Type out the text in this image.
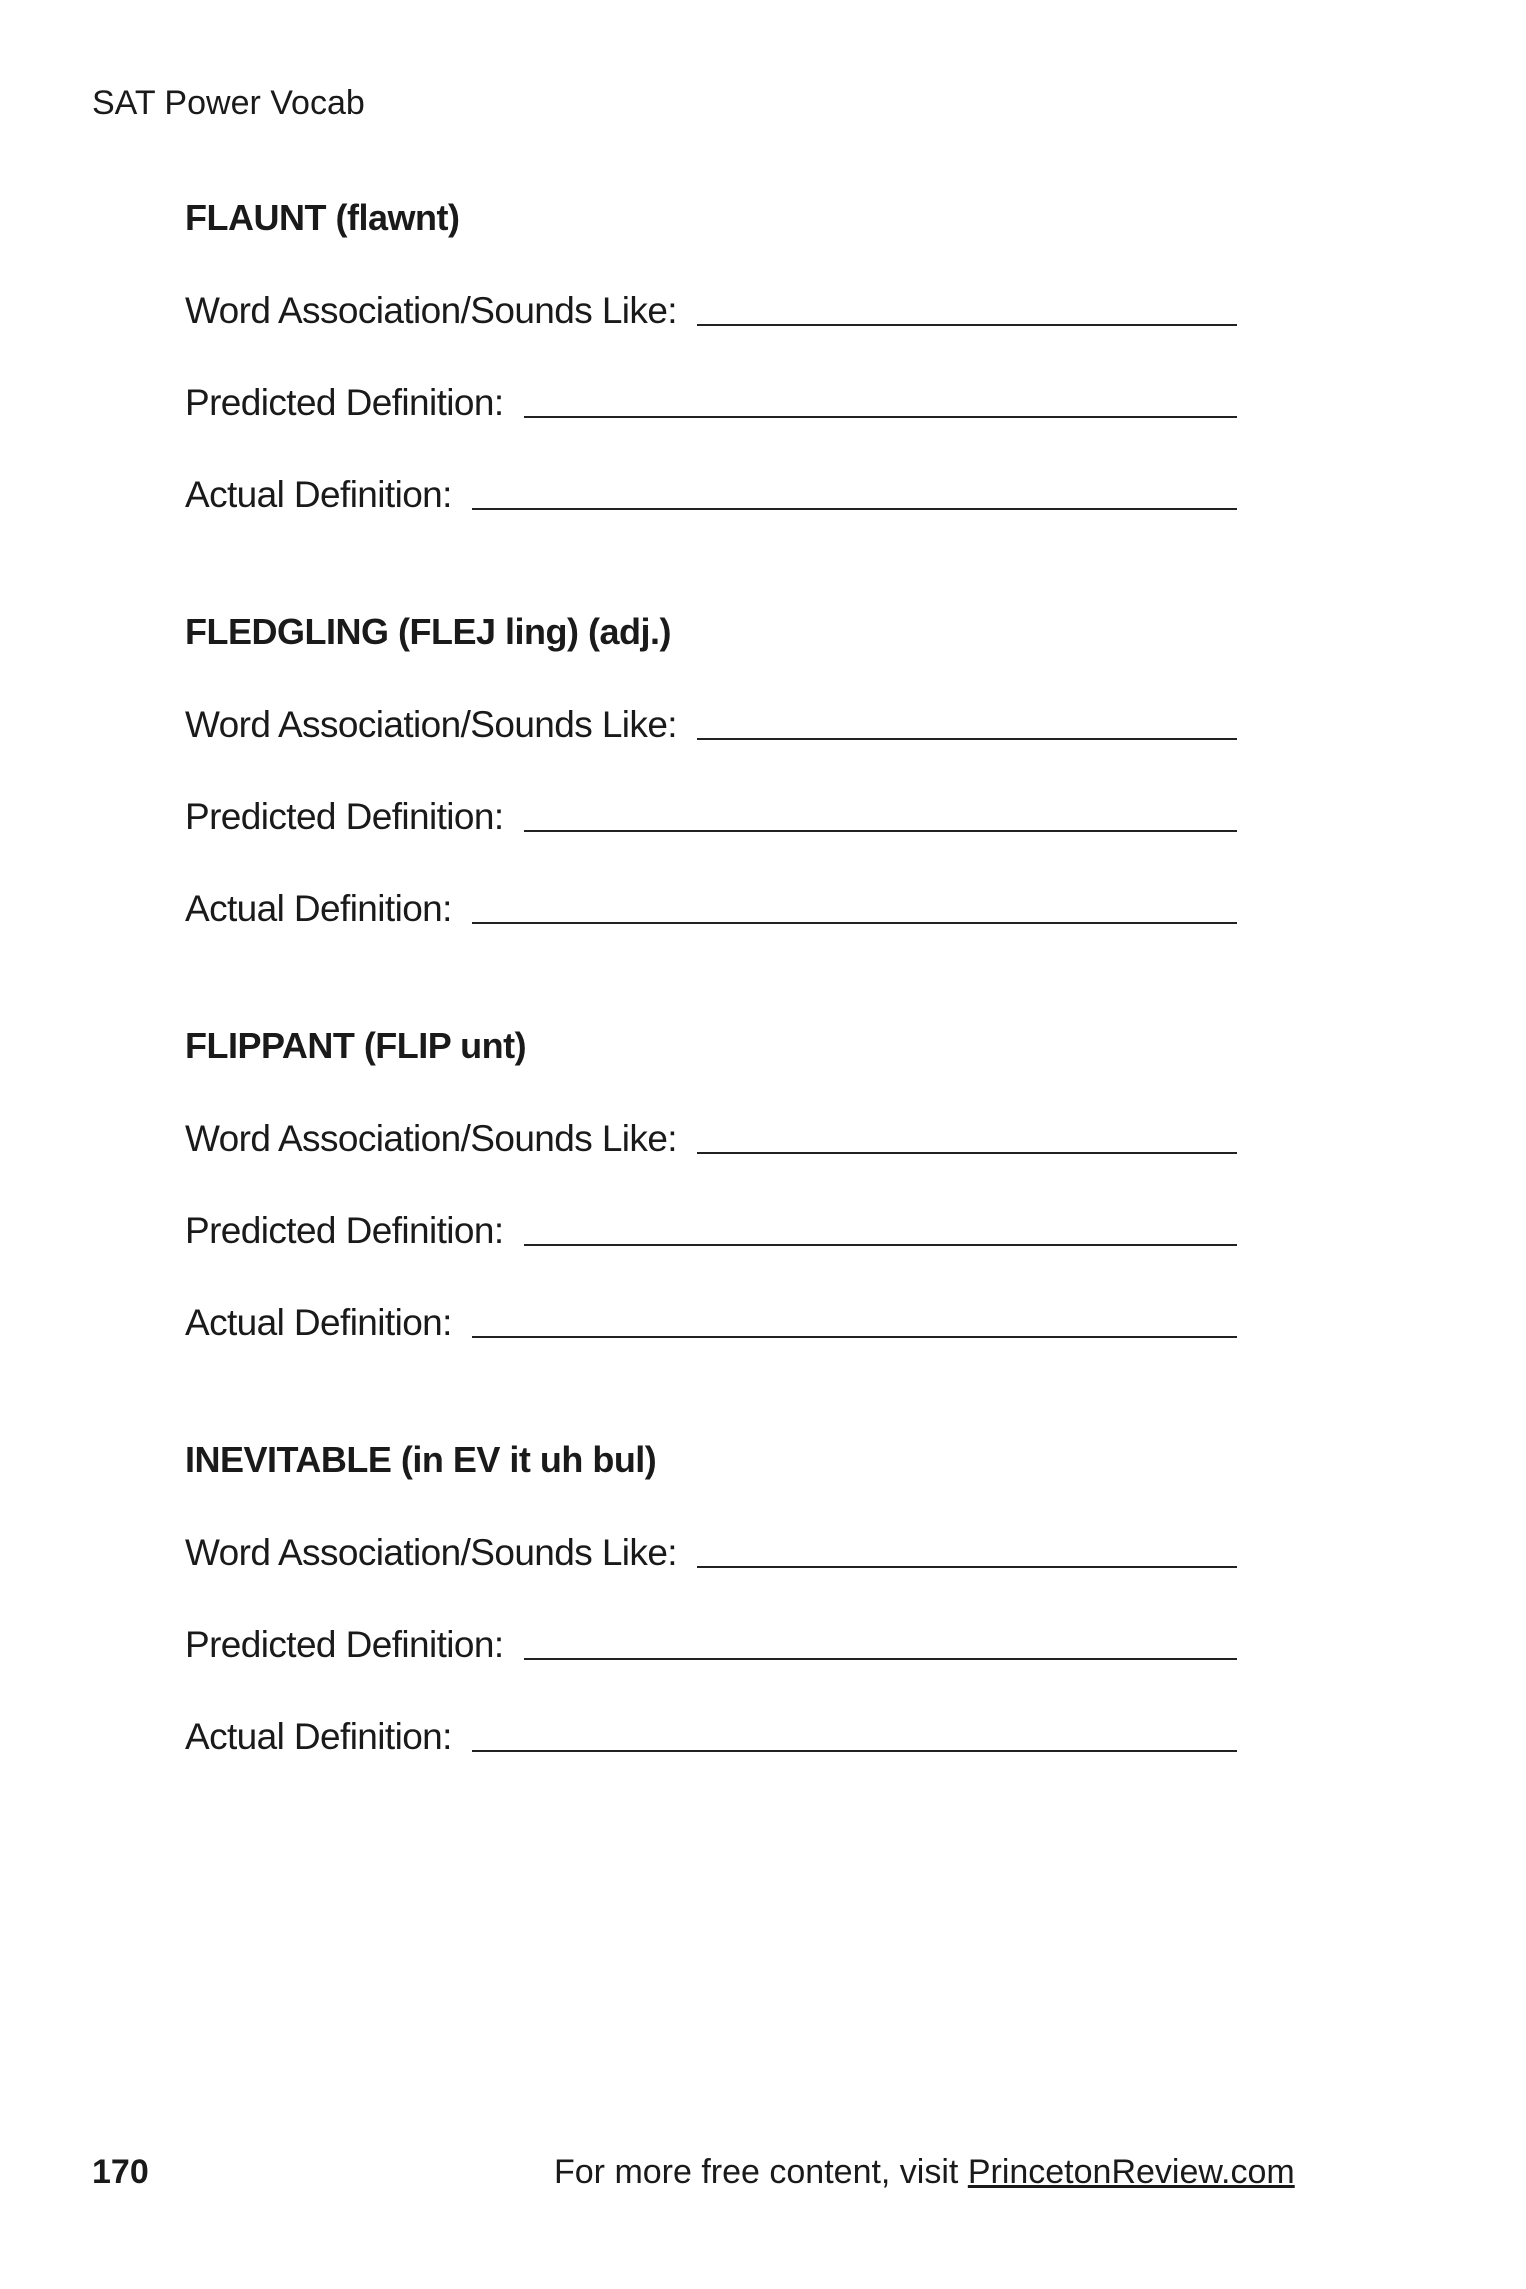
SAT Power Vocab
FLAUNT (flawnt)
Word Association/Sounds Like:
Predicted Definition:
Actual Definition:
FLEDGLING (FLEJ ling) (adj.)
Word Association/Sounds Like:
Predicted Definition:
Actual Definition:
FLIPPANT (FLIP unt)
Word Association/Sounds Like:
Predicted Definition:
Actual Definition:
INEVITABLE (in EV it uh bul)
Word Association/Sounds Like:
Predicted Definition:
Actual Definition:
170	For more free content, visit PrincetonReview.com
